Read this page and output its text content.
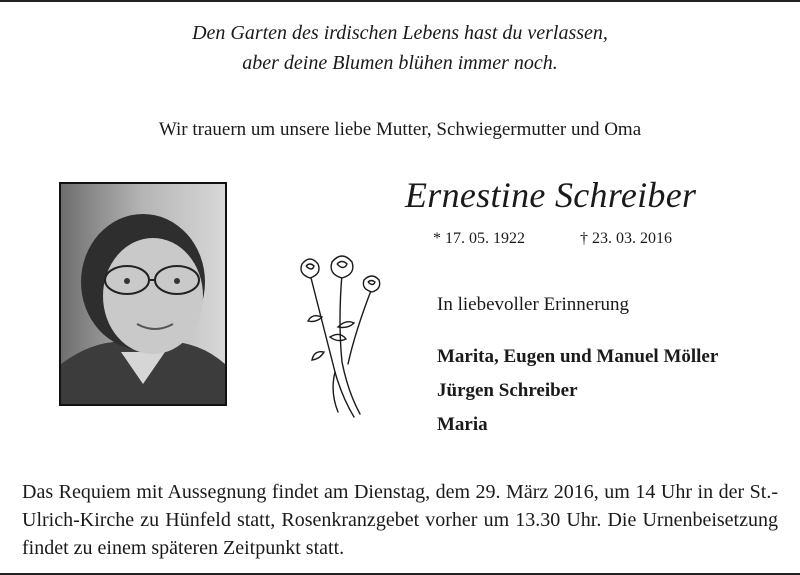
Den Garten des irdischen Lebens hast du verlassen,
aber deine Blumen blühen immer noch.
Wir trauern um unsere liebe Mutter, Schwiegermutter und Oma
Ernestine Schreiber
* 17. 05. 1922	† 23. 03. 2016
In liebevoller Erinnerung
Marita, Eugen und Manuel Möller
Jürgen Schreiber
Maria
Das Requiem mit Aussegnung findet am Dienstag, dem 29. März 2016, um 14 Uhr in der St.-Ulrich-Kirche zu Hünfeld statt, Rosenkranzgebet vorher um 13.30 Uhr. Die Urnenbeisetzung findet zu einem späteren Zeitpunkt statt.
